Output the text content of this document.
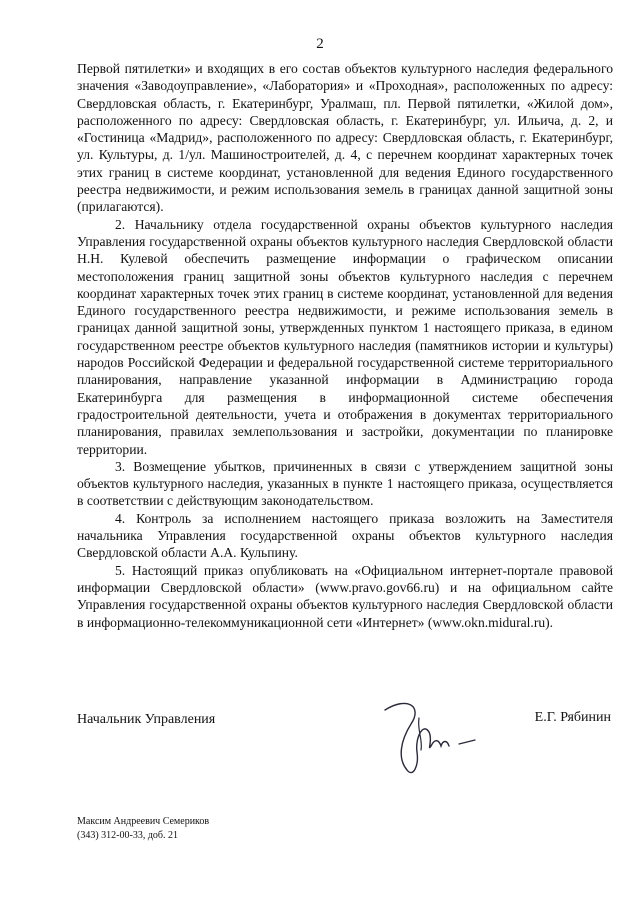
2

Первой пятилетки» и входящих в его состав объектов культурного наследия федерального значения «Заводоуправление», «Лаборатория» и «Проходная», расположенных по адресу: Свердловская область, г. Екатеринбург, Уралмаш, пл. Первой пятилетки, «Жилой дом», расположенного по адресу: Свердловская область, г. Екатеринбург, ул. Ильича, д. 2, и «Гостиница «Мадрид», расположенного по адресу: Свердловская область, г. Екатеринбург, ул. Культуры, д. 1/ул. Машиностроителей, д. 4, с перечнем координат характерных точек этих границ в системе координат, установленной для ведения Единого государственного реестра недвижимости, и режим использования земель в границах данной защитной зоны (прилагаются).

2. Начальнику отдела государственной охраны объектов культурного наследия Управления государственной охраны объектов культурного наследия Свердловской области Н.Н. Кулевой обеспечить размещение информации о графическом описании местоположения границ защитной зоны объектов культурного наследия с перечнем координат характерных точек этих границ в системе координат, установленной для ведения Единого государственного реестра недвижимости, и режиме использования земель в границах данной защитной зоны, утвержденных пунктом 1 настоящего приказа, в едином государственном реестре объектов культурного наследия (памятников истории и культуры) народов Российской Федерации и федеральной государственной системе территориального планирования, направление указанной информации в Администрацию города Екатеринбурга для размещения в информационной системе обеспечения градостроительной деятельности, учета и отображения в документах территориального планирования, правилах землепользования и застройки, документации по планировке территории.

3. Возмещение убытков, причиненных в связи с утверждением защитной зоны объектов культурного наследия, указанных в пункте 1 настоящего приказа, осуществляется в соответствии с действующим законодательством.

4. Контроль за исполнением настоящего приказа возложить на Заместителя начальника Управления государственной охраны объектов культурного наследия Свердловской области А.А. Кульпину.

5. Настоящий приказ опубликовать на «Официальном интернет-портале правовой информации Свердловской области» (www.pravo.gov66.ru) и на официальном сайте Управления государственной охраны объектов культурного наследия Свердловской области в информационно-телекоммуникационной сети «Интернет» (www.okn.midural.ru).

Начальник Управления	Е.Г. Рябинин
Максим Андреевич Семериков
(343) 312-00-33, доб. 21
